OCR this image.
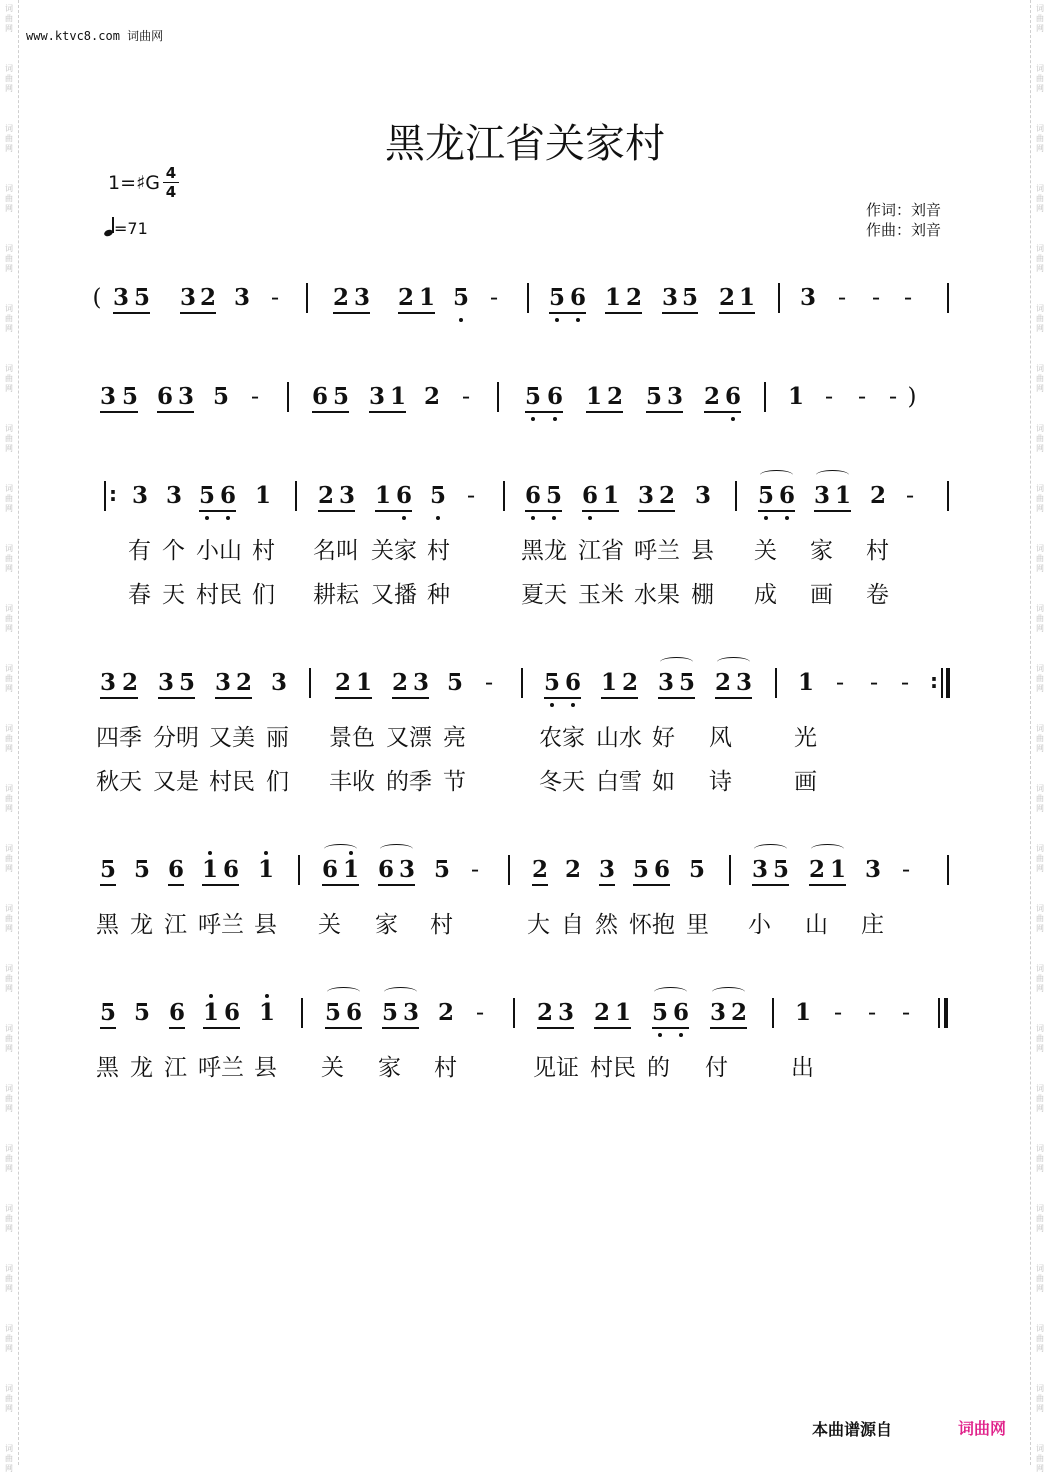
www.ktvc8.com 词曲网
词曲网
词曲网
词曲网
词曲网
词曲网
词曲网
词曲网
词曲网
词曲网
词曲网
词曲网
词曲网
词曲网
词曲网
词曲网
词曲网
词曲网
词曲网
词曲网
词曲网
词曲网
词曲网
词曲网
词曲网
词曲网
词曲网
词曲网
词曲网
词曲网
词曲网
词曲网
词曲网
词曲网
词曲网
词曲网
词曲网
词曲网
词曲网
词曲网
词曲网
词曲网
词曲网
词曲网
词曲网
词曲网
词曲网
词曲网
词曲网
词曲网
词曲网
黑龙江省关家村
1=♯G $\frac{4}{4}$
=71
作词：刘音
作曲：刘音
( 3 5 3 2 3 - 2 3 2 1 5 - 5 6 1 2 3 5 2 1 3 - - -
3 5 6 3 5 - 6 5 3 1 2 - 5 6 1 2 5 3 2 6 1 - - - )
: 3 3 5 6 1 2 3 1 6 5 - 6 5 6 1 3 2 3 5 6 3 1 2 -
3 2 3 5 3 2 3 2 1 2 3 5 - 5 6 1 2 3 5 2 3 1 - - - :
5 5 6 1 6 1 6 1 6 3 5 - 2 2 3 5 6 5 3 5 2 1 3 -
5 5 6 1 6 1 5 6 5 3 2 - 2 3 2 1 5 6 3 2 1 - - -
有 个 小山 村 名叫 关家 村	黑龙 江省 呼兰 县 关 家 村
春 天 村民 们 耕耘 又播 种	夏天 玉米 水果 棚 成 画 卷
四季 分明 又美 丽 景色 又漂 亮	农家 山水 好 风	光
秋天 又是 村民 们 丰收 的季 节	冬天 白雪 如 诗	画
黑 龙 江 呼兰 县 关 家 村	大 自 然 怀抱 里 小 山 庄
黑 龙 江 呼兰 县 关 家 村	见证 村民 的 付	出
本曲谱源自	词曲网
